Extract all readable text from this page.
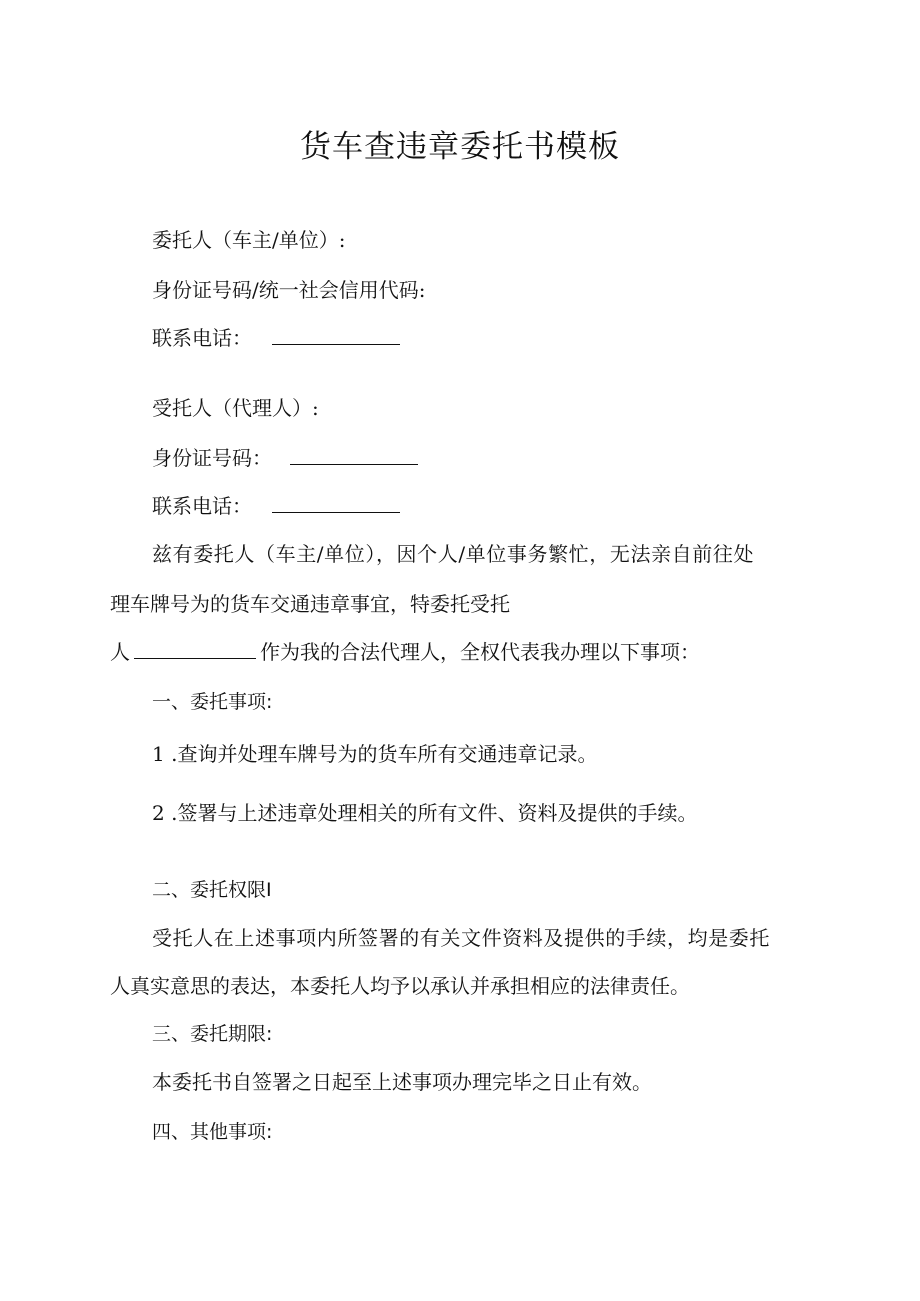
货车查违章委托书模板
委托人（车主/单位）:
身份证号码/统一社会信用代码:
联系电话：
受托人（代理人）:
身份证号码：
联系电话：
兹有委托人（车主/单位），因个人/单位事务繁忙，无法亲自前往处
理车牌号为的货车交通违章事宜，特委托受托
人	作为我的合法代理人，全权代表我办理以下事项：
一、委托事项:
1 .查询并处理车牌号为的货车所有交通违章记录。
2 .签署与上述违章处理相关的所有文件、资料及提供的手续。
二、委托权限I
受托人在上述事项内所签署的有关文件资料及提供的手续，均是委托
人真实意思的表达，本委托人均予以承认并承担相应的法律责任。
三、委托期限:
本委托书自签署之日起至上述事项办理完毕之日止有效。
四、其他事项:
